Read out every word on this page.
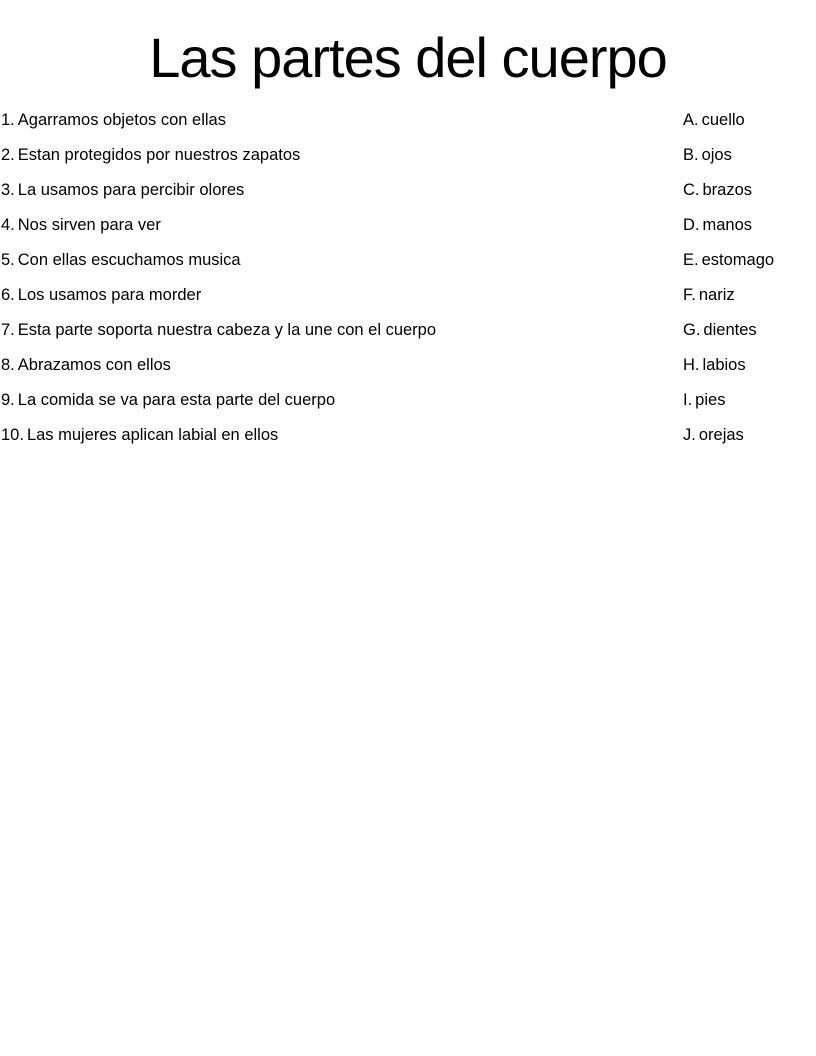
Las partes del cuerpo
1. Agarramos objetos con ellas	A. cuello
2. Estan protegidos por nuestros zapatos	B. ojos
3. La usamos para percibir olores	C. brazos
4. Nos sirven para ver	D. manos
5. Con ellas escuchamos musica	E. estomago
6. Los usamos para morder	F. nariz
7. Esta parte soporta nuestra cabeza y la une con el cuerpo	G. dientes
8. Abrazamos con ellos	H. labios
9. La comida se va para esta parte del cuerpo	I. pies
10. Las mujeres aplican labial en ellos	J. orejas
